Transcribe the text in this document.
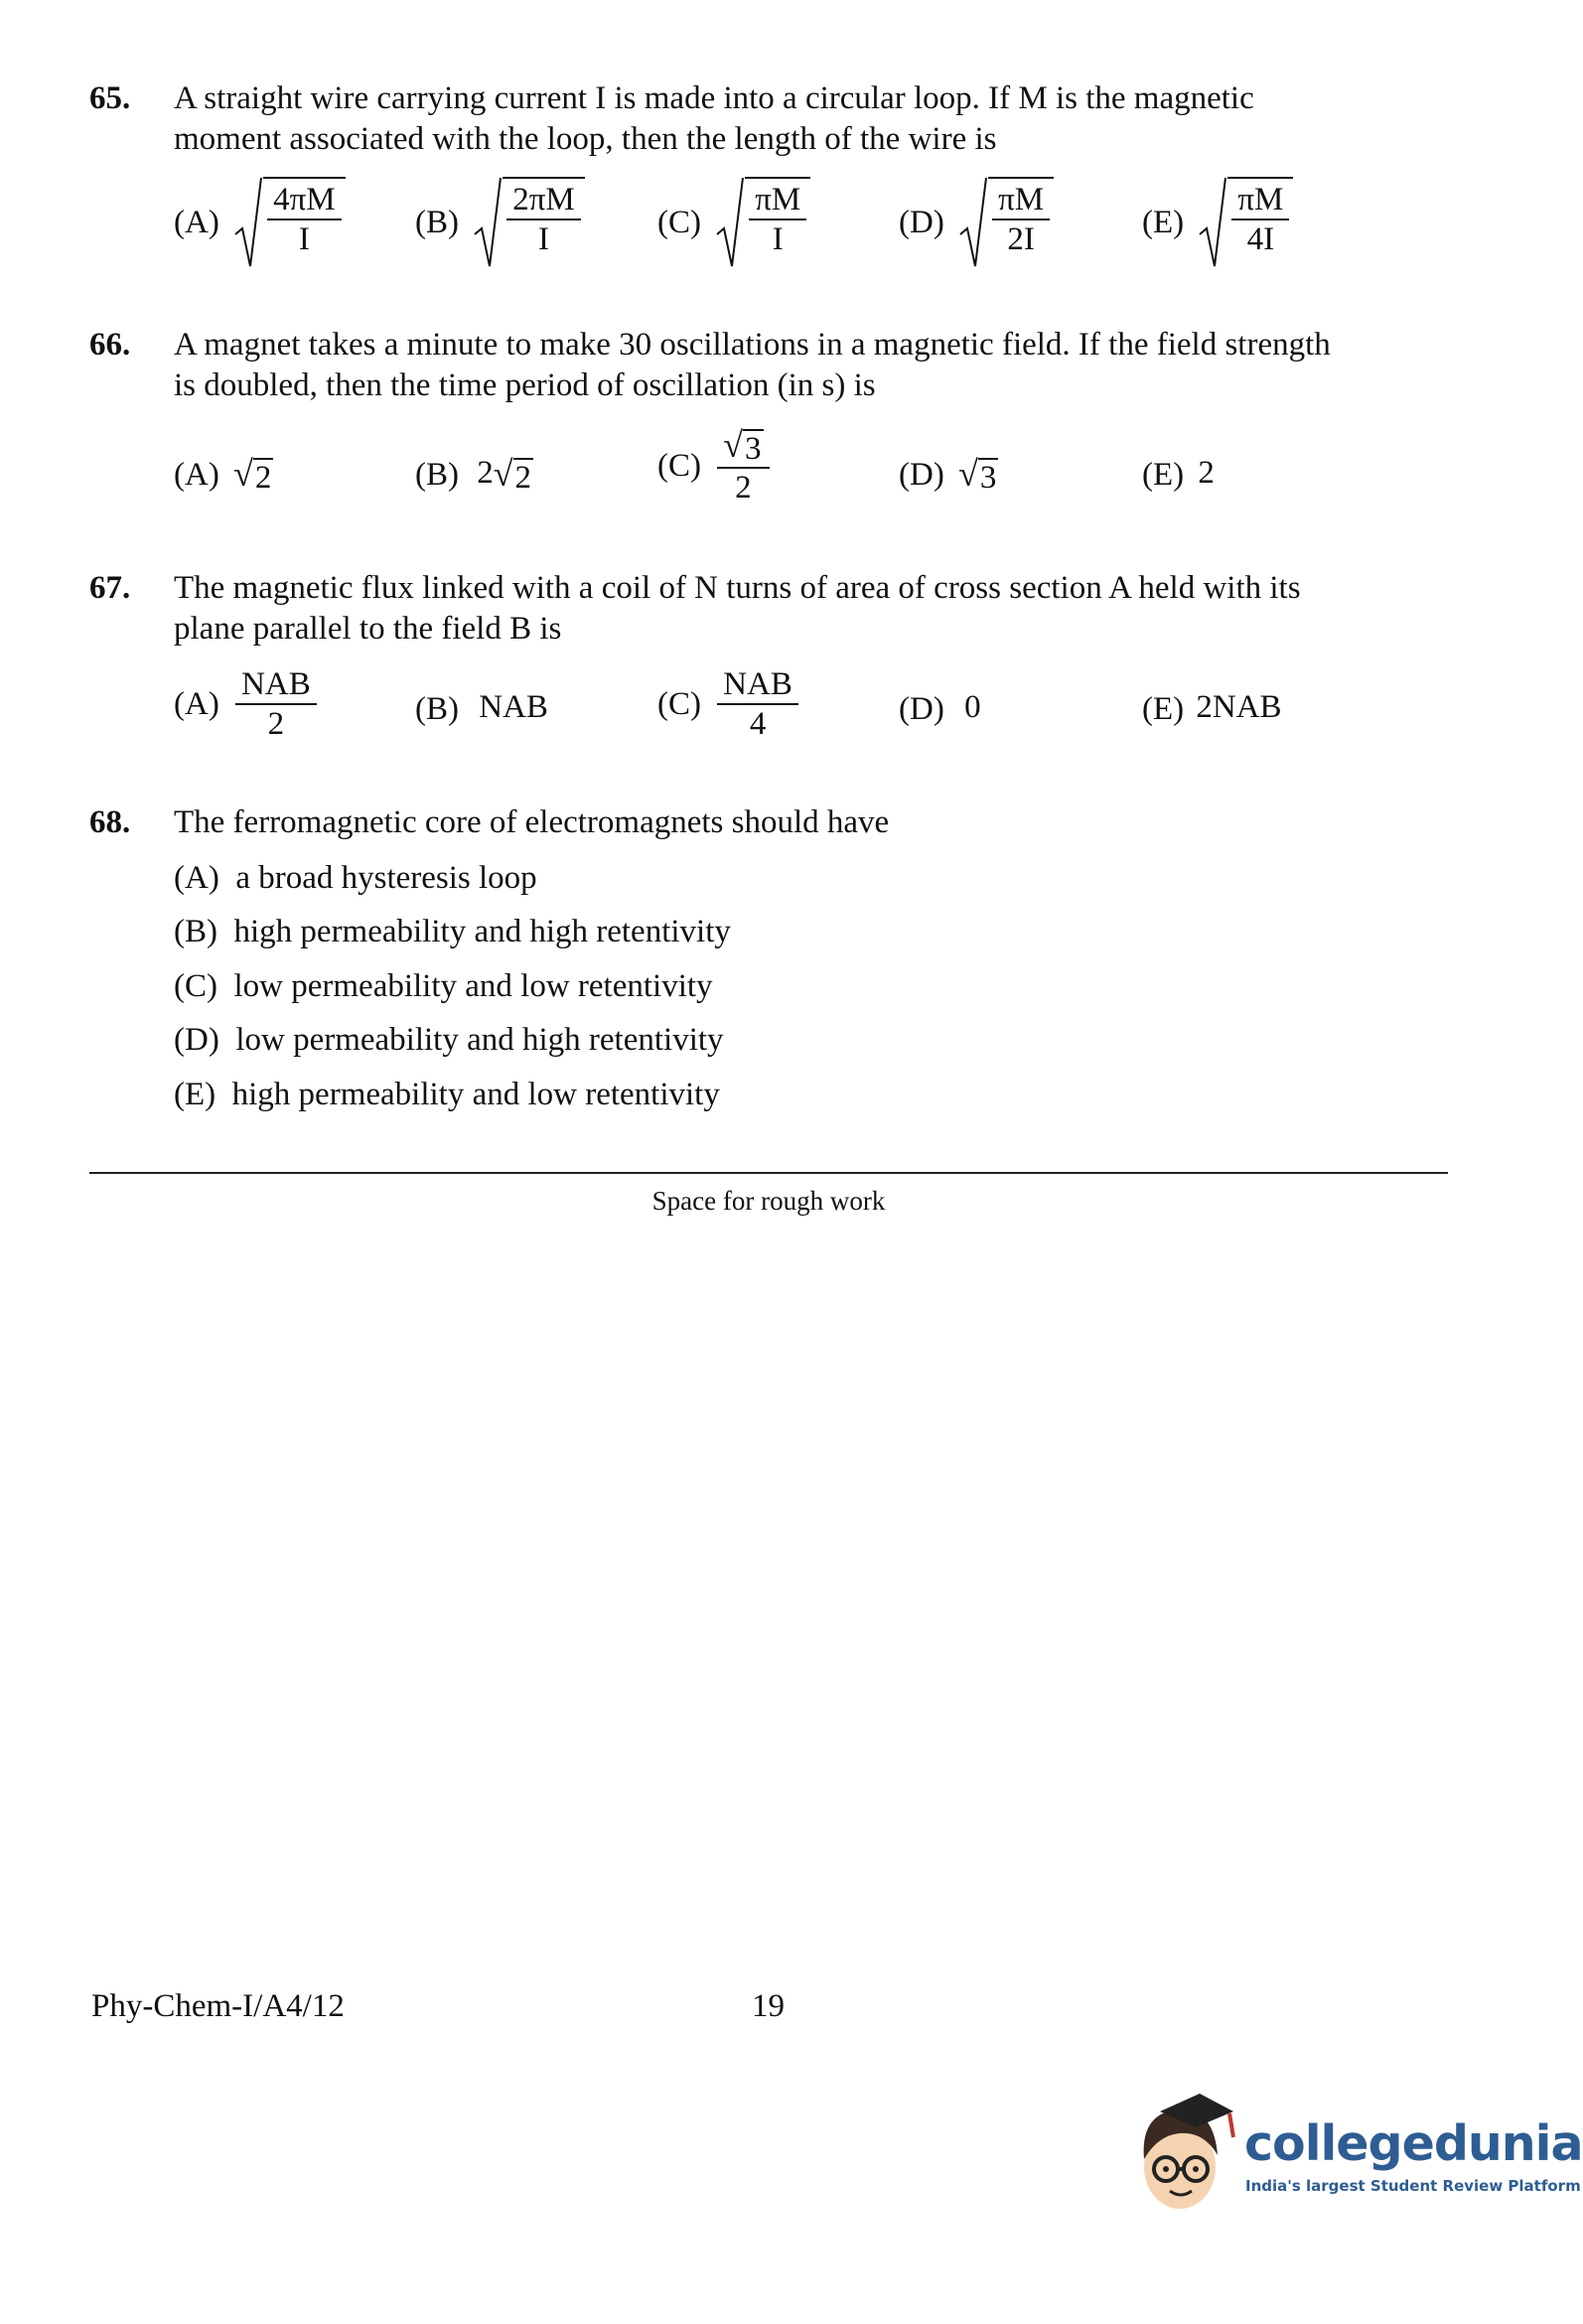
65. A straight wire carrying current I is made into a circular loop. If M is the magnetic
moment associated with the loop, then the length of the wire is
$(A) \frac{4\pi M}{I} (B) \frac{2\pi M}{I} (C) \frac{\pi M}{I}$	$(D) \frac{\pi M}{2I}$	$(E) \frac{\pi M}{4I}$
66. A magnet takes a minute to make 30 oscillations in a magnetic field. If the field strength
is doubled, then the time period of oscillation (in s) is
(A) √ 2	(B) 2 √ 2	$(C) \frac{√ 3}{2}$	(D) √ 3	(E) 2
67. The magnetic flux linked with a coil of N turns of area of cross section A held with its
plane parallel to the field B is
$(A) \frac{\text{NAB}}{2}$	(B) NAB	$(C) \frac{\text{NAB}}{4}$	(D) 0	(E) 2NAB
68. The ferromagnetic core of electromagnets should have
(A) a broad hysteresis loop
(B) high permeability and high retentivity
(C) low permeability and low retentivity
(D) low permeability and high retentivity
(E) high permeability and low retentivity
Space for rough work
Phy-Chem-I/A4/12	19
collegedunia
India's largest Student Review Platform
